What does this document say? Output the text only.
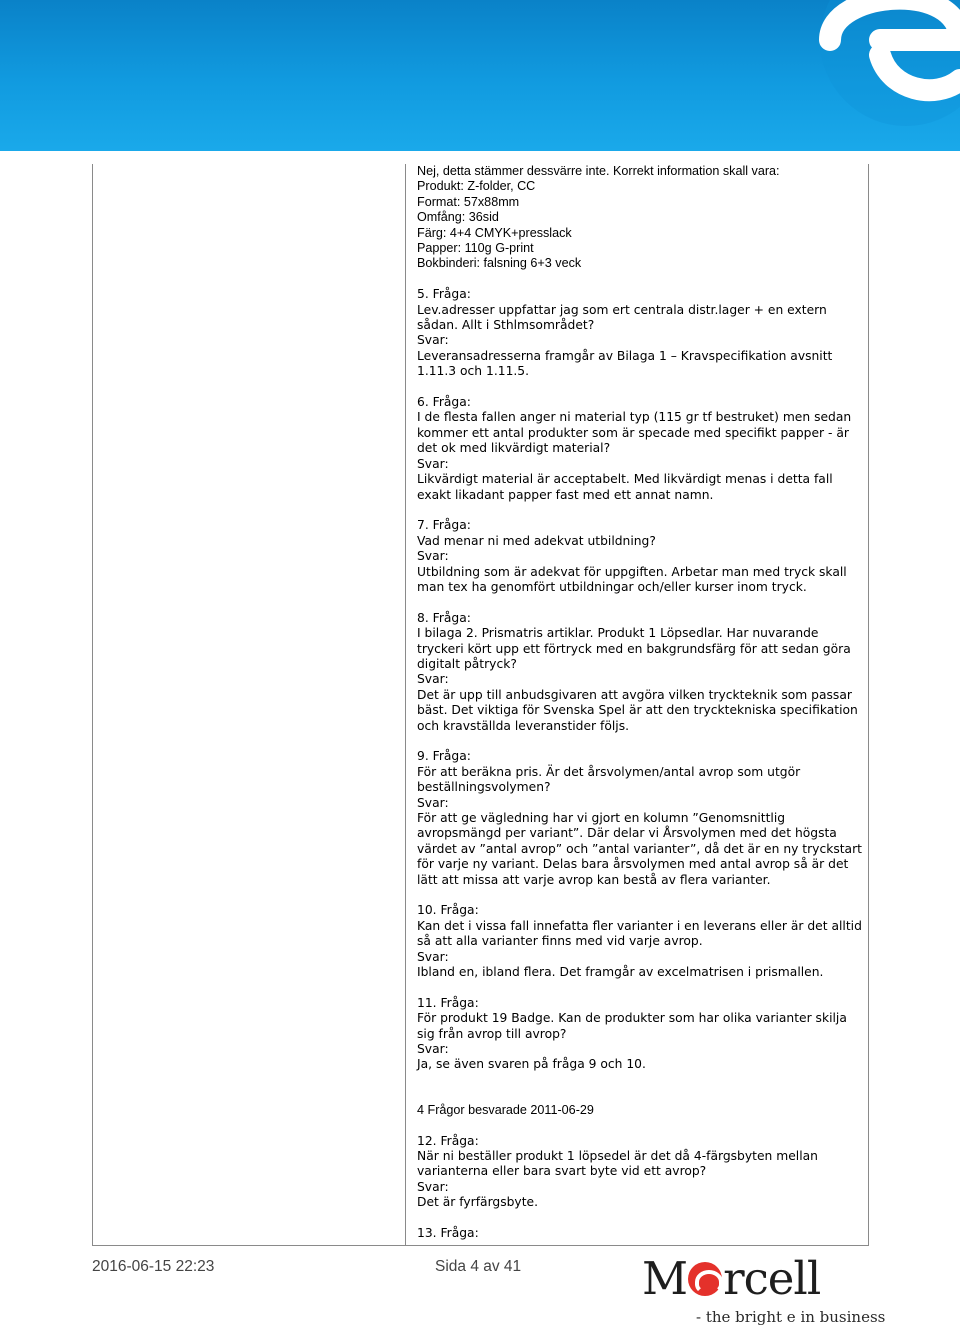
Nej, detta stämmer dessvärre inte. Korrekt information skall vara:
Produkt: Z-folder, CC
Format: 57x88mm
Omfång: 36sid
Färg: 4+4 CMYK+presslack
Papper: 110g G-print
Bokbinderi: falsning 6+3 veck

5. Fråga:
Lev.adresser uppfattar jag som ert centrala distr.lager + en extern sådan. Allt i Sthlmsområdet?
Svar:
Leveransadresserna framgår av Bilaga 1 – Kravspecifikation avsnitt 1.11.3 och 1.11.5.

6. Fråga:
I de flesta fallen anger ni material typ (115 gr tf bestruket) men sedan kommer ett antal produkter som är specade med specifikt papper - är det ok med likvärdigt material?
Svar:
Likvärdigt material är acceptabelt. Med likvärdigt menas i detta fall exakt likadant papper fast med ett annat namn.

7. Fråga:
Vad menar ni med adekvat utbildning?
Svar:
Utbildning som är adekvat för uppgiften. Arbetar man med tryck skall man tex ha genomfört utbildningar och/eller kurser inom tryck.

8. Fråga:
I bilaga 2. Prismatris artiklar. Produkt 1 Löpsedlar. Har nuvarande tryckeri kört upp ett förtryck med en bakgrundsfärg för att sedan göra digitalt påtryck?
Svar:
Det är upp till anbudsgivaren att avgöra vilken tryckteknik som passar bäst. Det viktiga för Svenska Spel är att den trycktekniska specifikation och kravställda leveranstider följs.

9. Fråga:
För att beräkna pris. Är det årsvolymen/antal avrop som utgör beställningsvolymen?
Svar:
För att ge vägledning har vi gjort en kolumn ”Genomsnittlig avropsmängd per variant”. Där delar vi Årsvolymen med det högsta värdet av ”antal avrop” och ”antal varianter”, då det är en ny tryckstart för varje ny variant. Delas bara årsvolymen med antal avrop så är det lätt att missa att varje avrop kan bestå av flera varianter.

10. Fråga:
Kan det i vissa fall innefatta fler varianter i en leverans eller är det alltid så att alla varianter finns med vid varje avrop.
Svar:
Ibland en, ibland flera. Det framgår av excelmatrisen i prismallen.

11. Fråga:
För produkt 19 Badge. Kan de produkter som har olika varianter skilja sig från avrop till avrop?
Svar:
Ja, se även svaren på fråga 9 och 10.

4 Frågor besvarade 2011-06-29

12. Fråga:
När ni beställer produkt 1 löpsedel är det då 4-färgsbyten mellan varianterna eller bara svart byte vid ett avrop?
Svar:
Det är fyrfärgsbyte.

13. Fråga:

2016-06-15 22:23	Sida 4 av 41	M rcell
- the bright e in business
